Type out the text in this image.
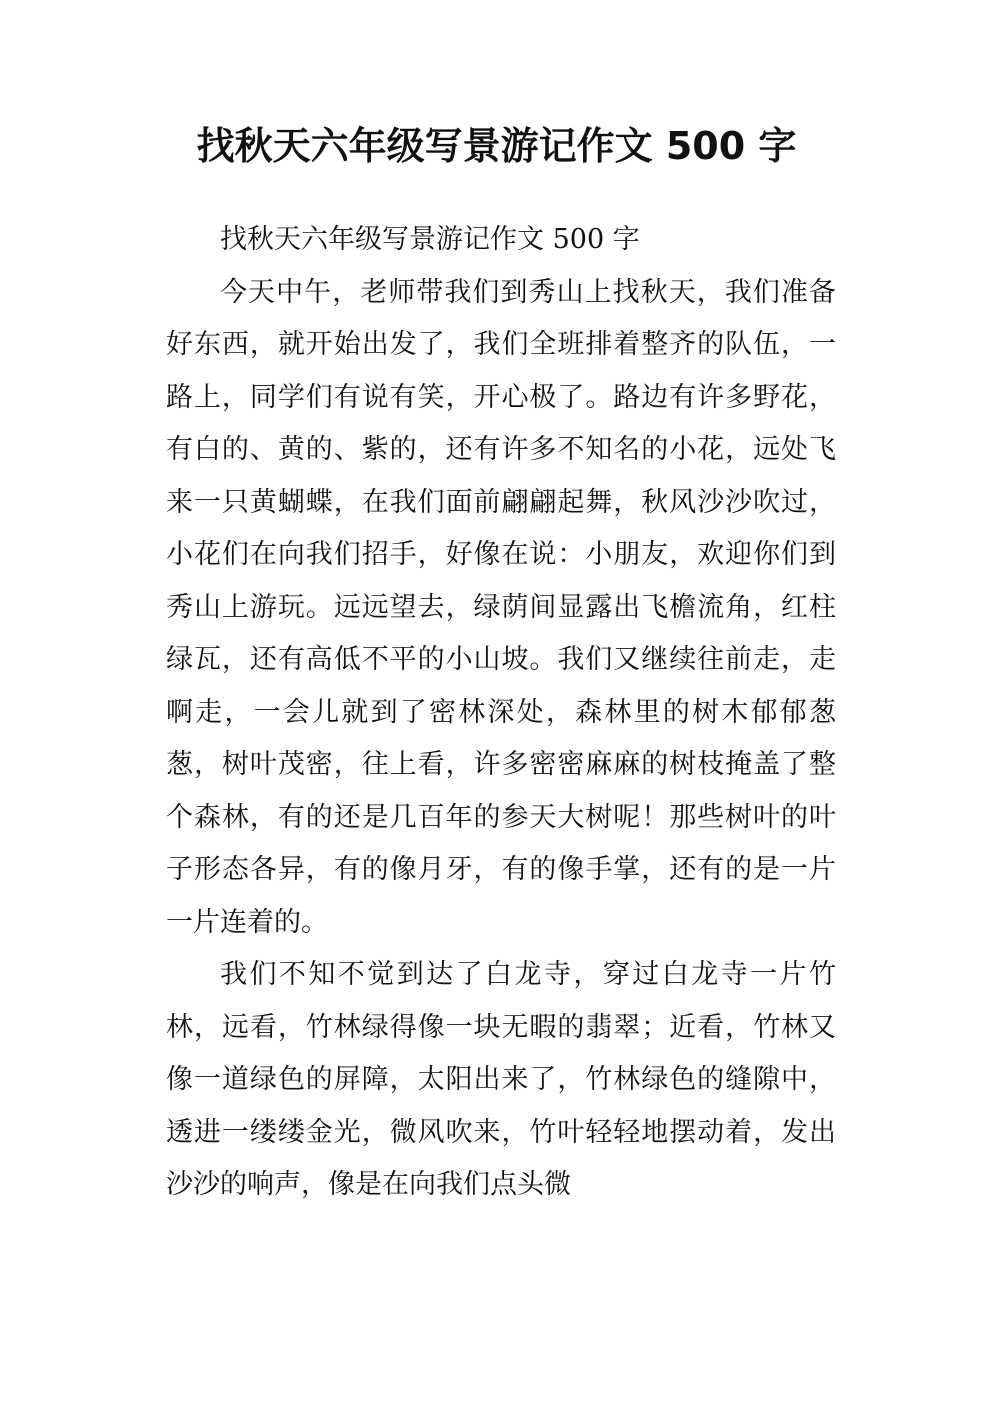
找秋天六年级写景游记作文 500 字

找秋天六年级写景游记作文 500 字

今天中午，老师带我们到秀山上找秋天，我们准备好东西，就开始出发了，我们全班排着整齐的队伍，一路上，同学们有说有笑，开心极了。路边有许多野花，有白的、黄的、紫的，还有许多不知名的小花，远处飞来一只黄蝴蝶，在我们面前翩翩起舞，秋风沙沙吹过，小花们在向我们招手，好像在说：小朋友，欢迎你们到秀山上游玩。远远望去，绿荫间显露出飞檐流角，红柱绿瓦，还有高低不平的小山坡。我们又继续往前走，走啊走，一会儿就到了密林深处，森林里的树木郁郁葱葱，树叶茂密，往上看，许多密密麻麻的树枝掩盖了整个森林，有的还是几百年的参天大树呢！那些树叶的叶子形态各异，有的像月牙，有的像手掌，还有的是一片一片连着的。

我们不知不觉到达了白龙寺，穿过白龙寺一片竹林，远看，竹林绿得像一块无暇的翡翠；近看，竹林又像一道绿色的屏障，太阳出来了，竹林绿色的缝隙中，透进一缕缕金光，微风吹来，竹叶轻轻地摆动着，发出沙沙的响声，像是在向我们点头微
